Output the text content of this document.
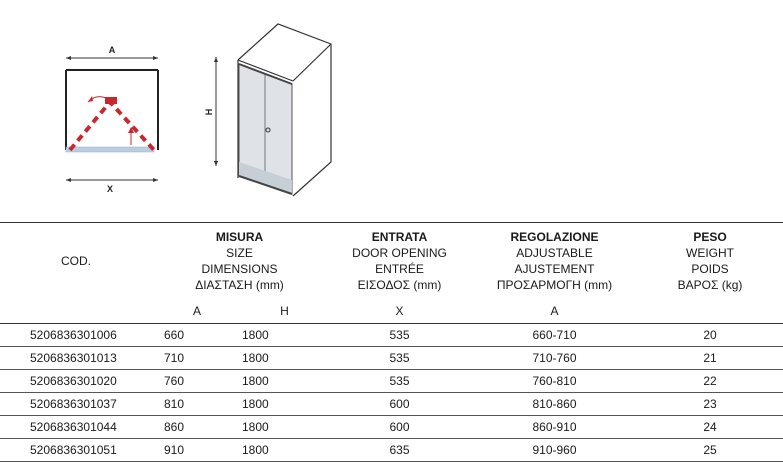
A
X
H
COD.	MISURA
SIZE
DIMENSIONS
ΔΙΑΣΤΑΣΗ (mm)		ENTRATA
DOOR OPENING
ENTRÉE
ΕΙΣΟΔΟΣ (mm)	REGOLAZIONE
ADJUSTABLE
AJUSTEMENT
ΠΡΟΣΑΡΜΟΓΗ (mm)	PESO
WEIGHT
POIDS
ΒΑΡΟΣ (kg)

	A	H	X	A	
5206836301006	660	1800	535	660-710	20
5206836301013	710	1800	535	710-760	21
5206836301020	760	1800	535	760-810	22
5206836301037	810	1800	600	810-860	23
5206836301044	860	1800	600	860-910	24
5206836301051	910	1800	635	910-960	25
